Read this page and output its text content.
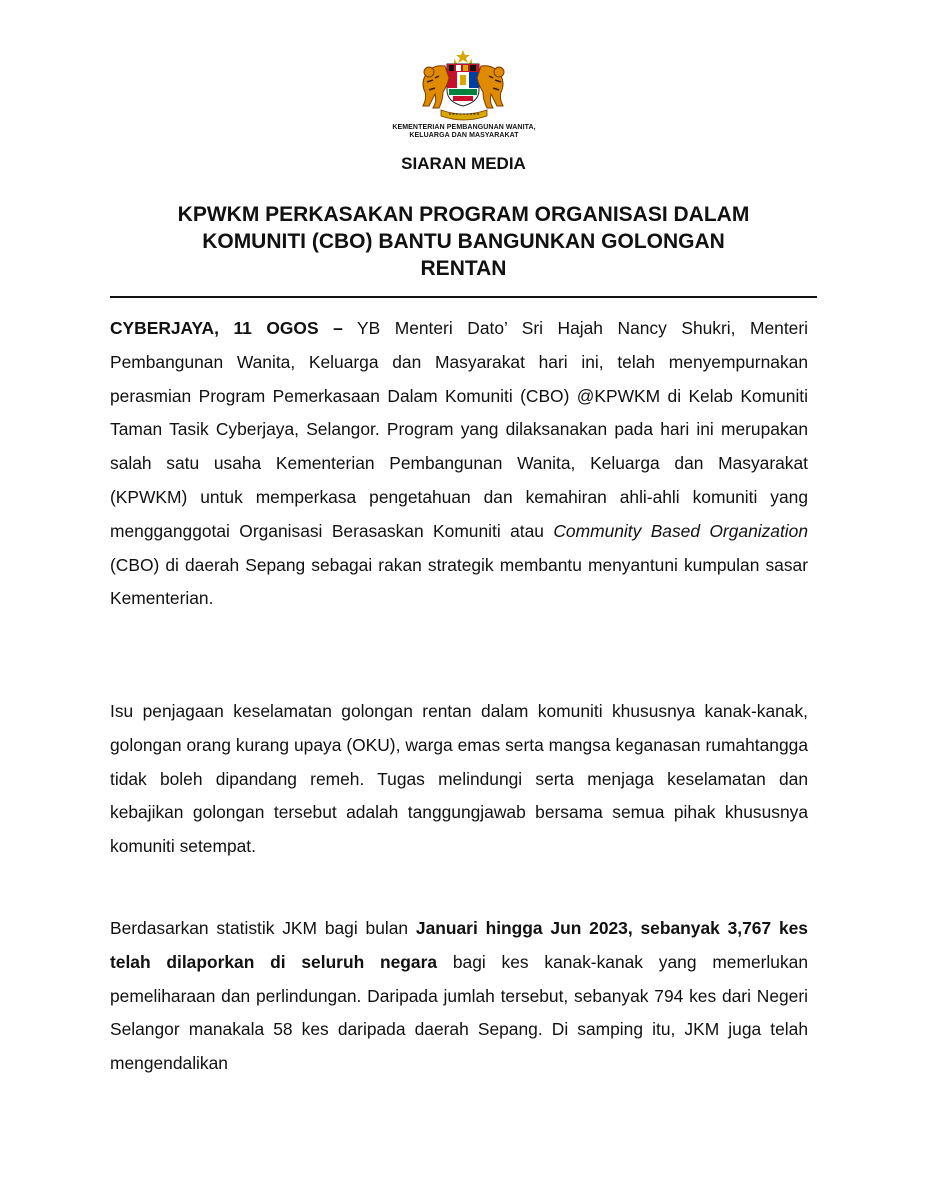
KEMENTERIAN PEMBANGUNAN WANITA,
KELUARGA DAN MASYARAKAT
SIARAN MEDIA
KPWKM PERKASAKAN PROGRAM ORGANISASI DALAM
KOMUNITI (CBO) BANTU BANGUNKAN GOLONGAN
RENTAN
CYBERJAYA, 11 OGOS – YB Menteri Dato’ Sri Hajah Nancy Shukri, Menteri Pembangunan Wanita, Keluarga dan Masyarakat hari ini, telah menyempurnakan perasmian Program Pemerkasaan Dalam Komuniti (CBO) @KPWKM di Kelab Komuniti Taman Tasik Cyberjaya, Selangor. Program yang dilaksanakan pada hari ini merupakan salah satu usaha Kementerian Pembangunan Wanita, Keluarga dan Masyarakat (KPWKM) untuk memperkasa pengetahuan dan kemahiran ahli-ahli komuniti yang mengganggotai Organisasi Berasaskan Komuniti atau Community Based Organization (CBO) di daerah Sepang sebagai rakan strategik membantu menyantuni kumpulan sasar Kementerian.
Isu penjagaan keselamatan golongan rentan dalam komuniti khususnya kanak-kanak, golongan orang kurang upaya (OKU), warga emas serta mangsa keganasan rumahtangga tidak boleh dipandang remeh. Tugas melindungi serta menjaga keselamatan dan kebajikan golongan tersebut adalah tanggungjawab bersama semua pihak khususnya komuniti setempat.
Berdasarkan statistik JKM bagi bulan Januari hingga Jun 2023, sebanyak 3,767 kes telah dilaporkan di seluruh negara bagi kes kanak-kanak yang memerlukan pemeliharaan dan perlindungan. Daripada jumlah tersebut, sebanyak 794 kes dari Negeri Selangor manakala 58 kes daripada daerah Sepang. Di samping itu, JKM juga telah mengendalikan
